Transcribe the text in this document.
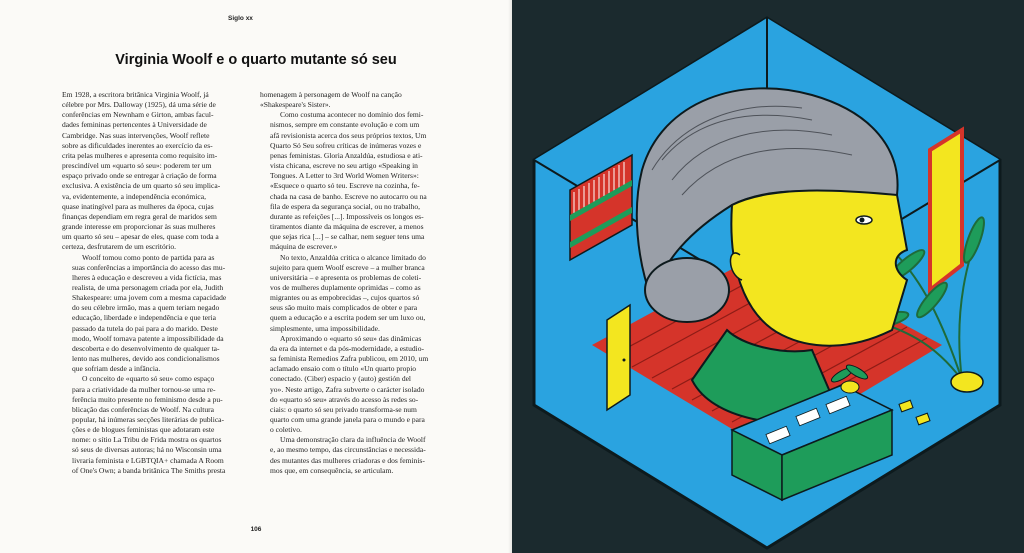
Siglo xx
Virginia Woolf e o quarto mutante só seu

Em 1928, a escritora britânica Virginia Woolf, já
célebre por Mrs. Dalloway (1925), dá uma série de
conferências em Newnham e Girton, ambas facul-
dades femininas pertencentes à Universidade de
Cambridge. Nas suas intervenções, Woolf reflete
sobre as dificuldades inerentes ao exercício da es-
crita pelas mulheres e apresenta como requisito im-
prescindível um «quarto só seu»: poderem ter um
espaço privado onde se entregar à criação de forma
exclusiva. A existência de um quarto só seu implica-
va, evidentemente, a independência económica,
quase inatingível para as mulheres da época, cujas
finanças dependiam em regra geral de maridos sem
grande interesse em proporcionar às suas mulheres
um quarto só seu – apesar de eles, quase com toda a
certeza, desfrutarem de um escritório.

Woolf tomou como ponto de partida para as
suas conferências a importância do acesso das mu-
lheres à educação e descreveu a vida fictícia, mas
realista, de uma personagem criada por ela, Judith
Shakespeare: uma jovem com a mesma capacidade
do seu célebre irmão, mas a quem teriam negado
educação, liberdade e independência e que teria
passado da tutela do pai para a do marido. Deste
modo, Woolf tornava patente a impossibilidade da
descoberta e do desenvolvimento de qualquer ta-
lento nas mulheres, devido aos condicionalismos
que sofriam desde a infância.

O conceito de «quarto só seu» como espaço
para a criatividade da mulher tornou-se uma re-
ferência muito presente no feminismo desde a pu-
blicação das conferências de Woolf. Na cultura
popular, há inúmeras secções literárias de publica-
ções e de blogues feministas que adotaram este
nome: o sítio La Tribu de Frida mostra os quartos
só seus de diversas autoras; há no Wisconsin uma
livraria feminista e LGBTQIA+ chamada A Room
of One's Own; a banda britânica The Smiths presta

homenagem à personagem de Woolf na canção
«Shakespeare's Sister».

Como costuma acontecer no domínio dos femi-
nismos, sempre em constante evolução e com um
afã revisionista acerca dos seus próprios textos, Um
Quarto Só Seu sofreu críticas de inúmeras vozes e
penas feministas. Gloria Anzaldúa, estudiosa e ati-
vista chicana, escreve no seu artigo «Speaking in
Tongues. A Letter to 3rd World Women Writers»:
«Esquece o quarto só teu. Escreve na cozinha, fe-
chada na casa de banho. Escreve no autocarro ou na
fila de espera da segurança social, ou no trabalho,
durante as refeições [...]. Impossíveis os longos es-
tiramentos diante da máquina de escrever, a menos
que sejas rica [...] – se calhar, nem seguer tens uma
máquina de escrever.»

No texto, Anzaldúa critica o alcance limitado do
sujeito para quem Woolf escreve – a mulher branca
universitária – e apresenta os problemas de coleti-
vos de mulheres duplamente oprimidas – como as
migrantes ou as empobrecidas –, cujos quartos só
seus são muito mais complicados de obter e para
quem a educação e a escrita podem ser um luxo ou,
simplesmente, uma impossibilidade.

Aproximando o «quarto só seu» das dinâmicas
da era da internet e da pós-modernidade, a estudio-
sa feminista Remedios Zafra publicou, em 2010, um
aclamado ensaio com o título «Un quarto propio
conectado. (Ciber) espacio y (auto) gestión del
yo». Neste artigo, Zafra subverte o carácter isolado
do «quarto só seu» através do acesso às redes so-
ciais: o quarto só seu privado transforma-se num
quarto com uma grande janela para o mundo e para
o coletivo.

Uma demonstração clara da influência de Woolf
e, ao mesmo tempo, das circunstâncias e necessida-
des mutantes das mulheres criadoras e dos feminis-
mos que, em consequência, se articulam.

106
